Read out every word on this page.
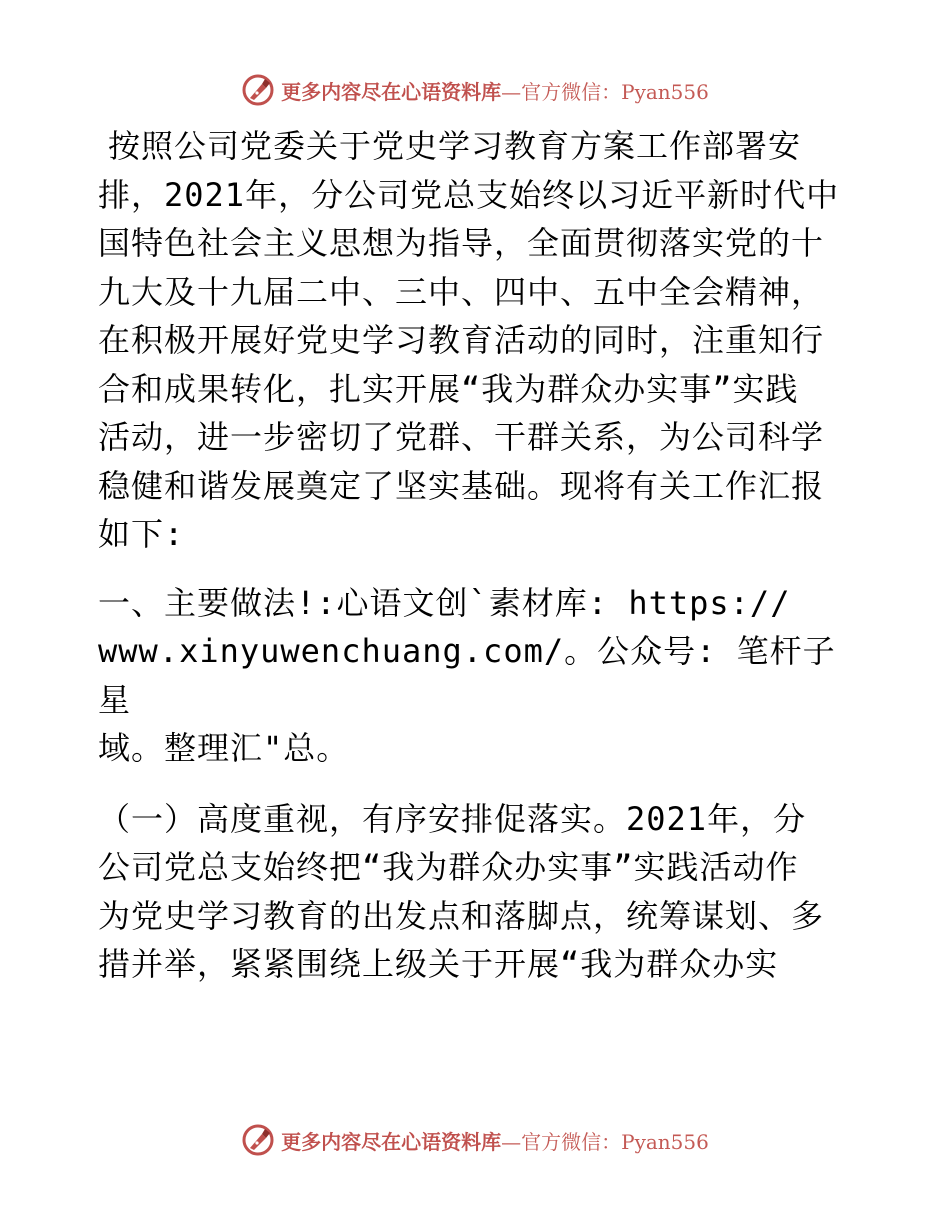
更多内容尽在心语资料库—官方微信：Pyan556

按照公司党委关于党史学习教育方案工作部署安
排，2021年，分公司党总支始终以习近平新时代中
国特色社会主义思想为指导，全面贯彻落实党的十
九大及十九届二中、三中、四中、五中全会精神，
在积极开展好党史学习教育活动的同时，注重知行
合和成果转化，扎实开展“我为群众办实事”实践
活动，进一步密切了党群、干群关系，为公司科学
稳健和谐发展奠定了坚实基础。现将有关工作汇报
如下:

一、主要做法!:心语文创`素材库: https://
www.xinyuwenchuang.com/。公众号: 笔杆子星
域。整理汇"总。

（一）高度重视，有序安排促落实。2021年，分
公司党总支始终把“我为群众办实事”实践活动作
为党史学习教育的出发点和落脚点，统筹谋划、多
措并举，紧紧围绕上级关于开展“我为群众办实

更多内容尽在心语资料库—官方微信：Pyan556
